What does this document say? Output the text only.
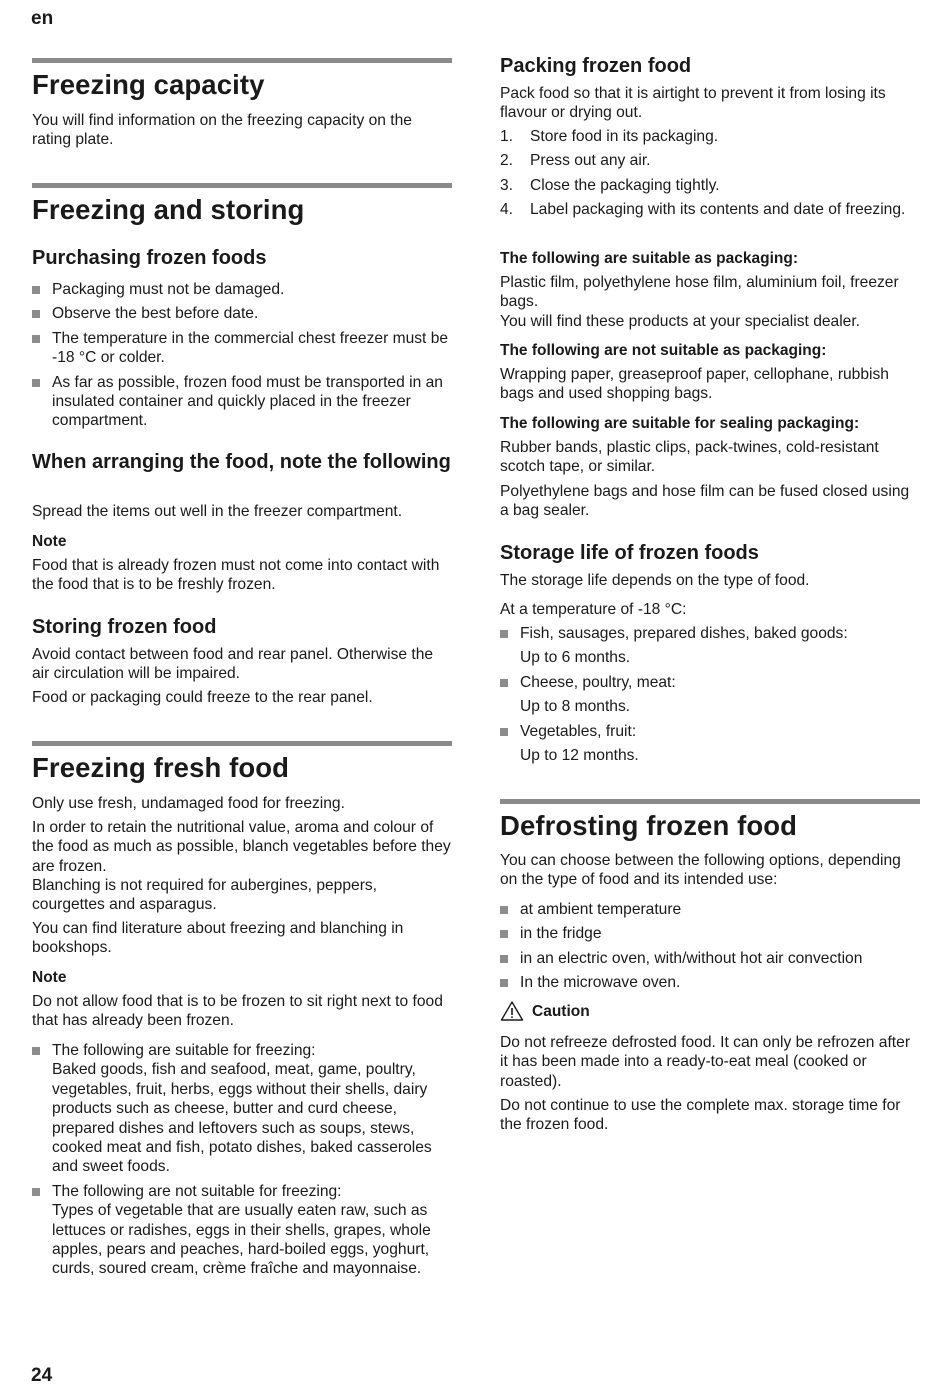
en
Freezing capacity

You will find information on the freezing capacity on the rating plate.

Freezing and storing
Purchasing frozen foods
Packaging must not be damaged.
Observe the best before date.
The temperature in the commercial chest freezer must be -18 °C or colder.
As far as possible, frozen food must be transported in an insulated container and quickly placed in the freezer compartment.
When arranging the food, note the following

Spread the items out well in the freezer compartment.

Note

Food that is already frozen must not come into contact with the food that is to be freshly frozen.

Storing frozen food

Avoid contact between food and rear panel. Otherwise the air circulation will be impaired.

Food or packaging could freeze to the rear panel.

Freezing fresh food

Only use fresh, undamaged food for freezing.

In order to retain the nutritional value, aroma and colour of the food as much as possible, blanch vegetables before they are frozen.

Blanching is not required for aubergines, peppers, courgettes and asparagus.

You can find literature about freezing and blanching in bookshops.

Note

Do not allow food that is to be frozen to sit right next to food that has already been frozen.

The following are suitable for freezing:
Baked goods, fish and seafood, meat, game, poultry, vegetables, fruit, herbs, eggs without their shells, dairy products such as cheese, butter and curd cheese, prepared dishes and leftovers such as soups, stews, cooked meat and fish, potato dishes, baked casseroles and sweet foods.
The following are not suitable for freezing:
Types of vegetable that are usually eaten raw, such as lettuces or radishes, eggs in their shells, grapes, whole apples, pears and peaches, hard-boiled eggs, yoghurt, curds, soured cream, crème fraîche and mayonnaise.
Packing frozen food

Pack food so that it is airtight to prevent it from losing its flavour or drying out.

1. Store food in its packaging.
2. Press out any air.
3. Close the packaging tightly.
4. Label packaging with its contents and date of freezing.
The following are suitable as packaging:

Plastic film, polyethylene hose film, aluminium foil, freezer bags.

You will find these products at your specialist dealer.

The following are not suitable as packaging:

Wrapping paper, greaseproof paper, cellophane, rubbish bags and used shopping bags.

The following are suitable for sealing packaging:

Rubber bands, plastic clips, pack-twines, cold-resistant scotch tape, or similar.

Polyethylene bags and hose film can be fused closed using a bag sealer.

Storage life of frozen foods

The storage life depends on the type of food.

At a temperature of -18 °C:

Fish, sausages, prepared dishes, baked goods:
Up to 6 months.
Cheese, poultry, meat:
Up to 8 months.
Vegetables, fruit:
Up to 12 months.
Defrosting frozen food

You can choose between the following options, depending on the type of food and its intended use:

at ambient temperature
in the fridge
in an electric oven, with/without hot air convection
In the microwave oven.
Caution

Do not refreeze defrosted food. It can only be refrozen after it has been made into a ready-to-eat meal (cooked or roasted).

Do not continue to use the complete max. storage time for the frozen food.

24
